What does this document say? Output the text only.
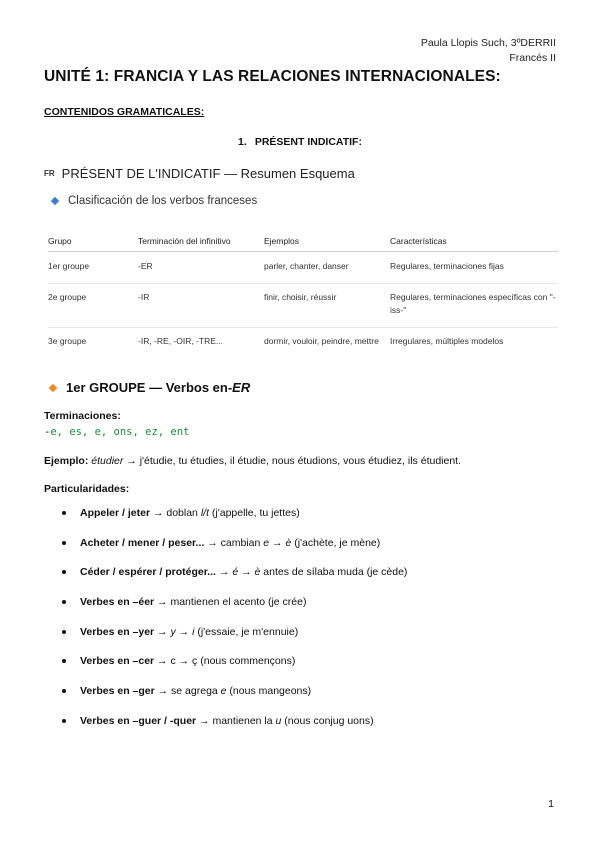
Paula Llopis Such, 3ºDERRII
Francés II
UNITÉ 1: FRANCIA Y LAS RELACIONES INTERNACIONALES:
CONTENIDOS GRAMATICALES:
1. PRÉSENT INDICATIF:
FR PRÉSENT DE L'INDICATIF — Resumen Esquema
Clasificación de los verbos franceses
Grupo	Terminación del infinitivo	Ejemplos	Características
1er groupe	-ER	parler, chanter, danser	Regulares, terminaciones fijas
2e groupe	-IR	finir, choisir, réussir	Regulares, terminaciones específicas con "-iss-"
3e groupe	-IR, -RE, -OIR, -TRE...	dormir, vouloir, peindre, mettre	Irregulares, múltiples modelos
1er GROUPE — Verbos en -ER
Terminaciones:
-e, es, e, ons, ez, ent
Ejemplo: étudier → j'étudie, tu étudies, il étudie, nous étudions, vous étudiez, ils étudient.
Particularidades:
Appeler / jeter → doblan l/t (j'appelle, tu jettes)
Acheter / mener / peser... → cambian e → è (j'achète, je mène)
Céder / espérer / protéger... → é → è antes de sílaba muda (je cède)
Verbes en –éer → mantienen el acento (je crée)
Verbes en –yer → y → i (j'essaie, je m'ennuie)
Verbes en –cer → c → ç (nous commençons)
Verbes en –ger → se agrega e (nous mangeons)
Verbes en –guer / -quer → mantienen la u (nous conjug uons)
1
